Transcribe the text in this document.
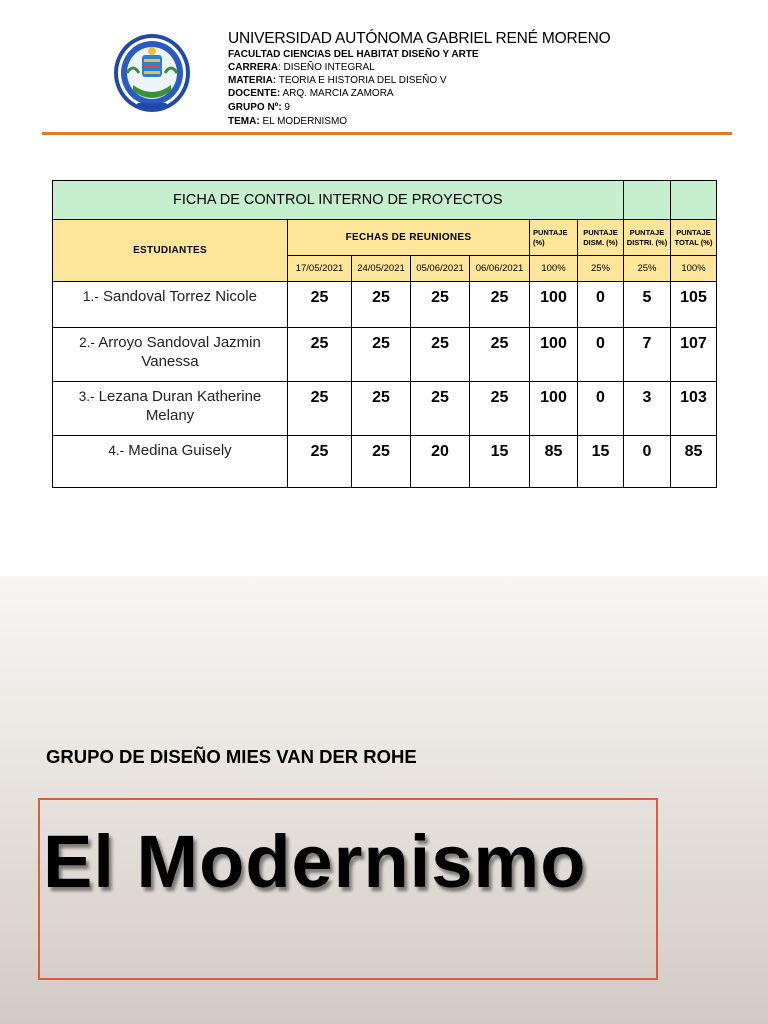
UNIVERSIDAD AUTÓNOMA GABRIEL RENÉ MORENO
FACULTAD CIENCIAS DEL HABITAT DISEÑO Y ARTE
CARRERA: DISEÑO INTEGRAL
MATERIA: TEORIA E HISTORIA DEL DISEÑO V
DOCENTE: ARQ. MARCIA ZAMORA
GRUPO Nº: 9
TEMA: EL MODERNISMO
FICHA DE CONTROL INTERNO DE PROYECTOS								
ESTUDIANTES	FECHAS DE REUNIONES				PUNTAJE (%)	PUNTAJE DISM. (%)	PUNTAJE DISTRI. (%)	PUNTAJE TOTAL (%)
	17/05/2021	24/05/2021	05/06/2021	06/06/2021	100%	25%	25%	100%
1.- Sandoval Torrez Nicole	25	25	25	25	100	0	5	105
2.- Arroyo Sandoval Jazmin Vanessa	25	25	25	25	100	0	7	107
3.- Lezana Duran Katherine Melany	25	25	25	25	100	0	3	103
4.- Medina Guisely	25	25	20	15	85	15	0	85
GRUPO DE DISEÑO MIES VAN DER ROHE
El Modernismo
